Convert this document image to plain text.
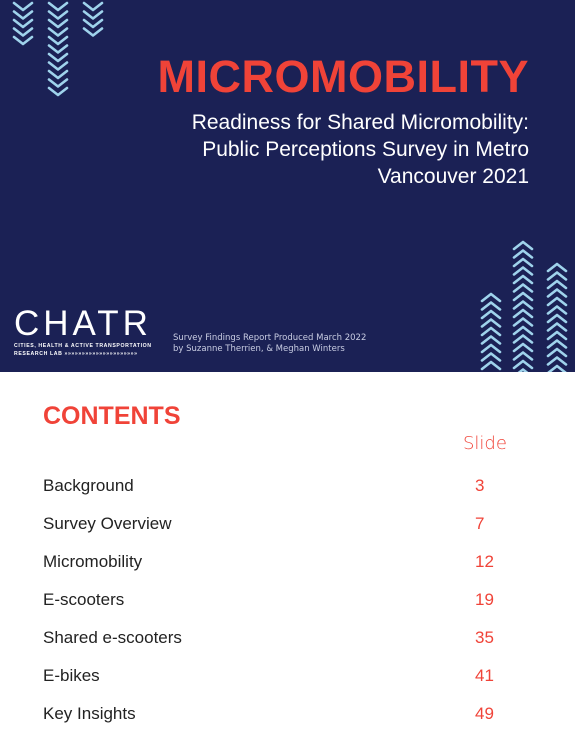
MICROMOBILITY
Readiness for Shared Micromobility: Public Perceptions Survey in Metro Vancouver 2021
CHATR
CITIES, HEALTH & ACTIVE TRANSPORTATION
RESEARCH LAB »»»»»»»»»»»»»»»»»»»»»
Survey Findings Report Produced March 2022
by Suzanne Therrien, & Meghan Winters
CONTENTS
Slide
Background	3
Survey Overview	7
Micromobility	12
E-scooters	19
Shared e-scooters	35
E-bikes	41
Key Insights	49
